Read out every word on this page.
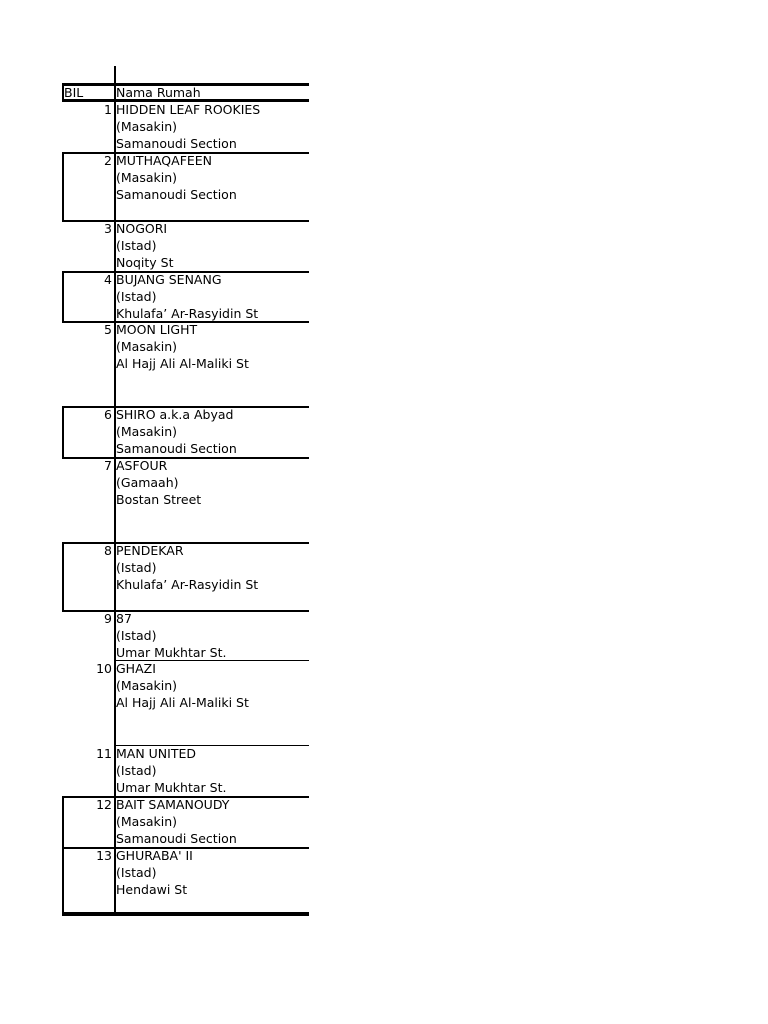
BIL	Nama Rumah
1 HIDDEN LEAF ROOKIES
(Masakin)
Samanoudi Section
2 MUTHAQAFEEN
(Masakin)
Samanoudi Section
3 NOGORI
(Istad)
Noqity St
4 BUJANG SENANG
(Istad)
Khulafa’ Ar-Rasyidin St
5 MOON LIGHT
(Masakin)
Al Hajj Ali Al-Maliki St
6 SHIRO a.k.a Abyad
(Masakin)
Samanoudi Section
7 ASFOUR
(Gamaah)
Bostan Street
8 PENDEKAR
(Istad)
Khulafa’ Ar-Rasyidin St
9 87
(Istad)
Umar Mukhtar St.
10 GHAZI
(Masakin)
Al Hajj Ali Al-Maliki St
11 MAN UNITED
(Istad)
Umar Mukhtar St.
12 BAIT SAMANOUDY
(Masakin)
Samanoudi Section
13 GHURABA' II
(Istad)
Hendawi St
